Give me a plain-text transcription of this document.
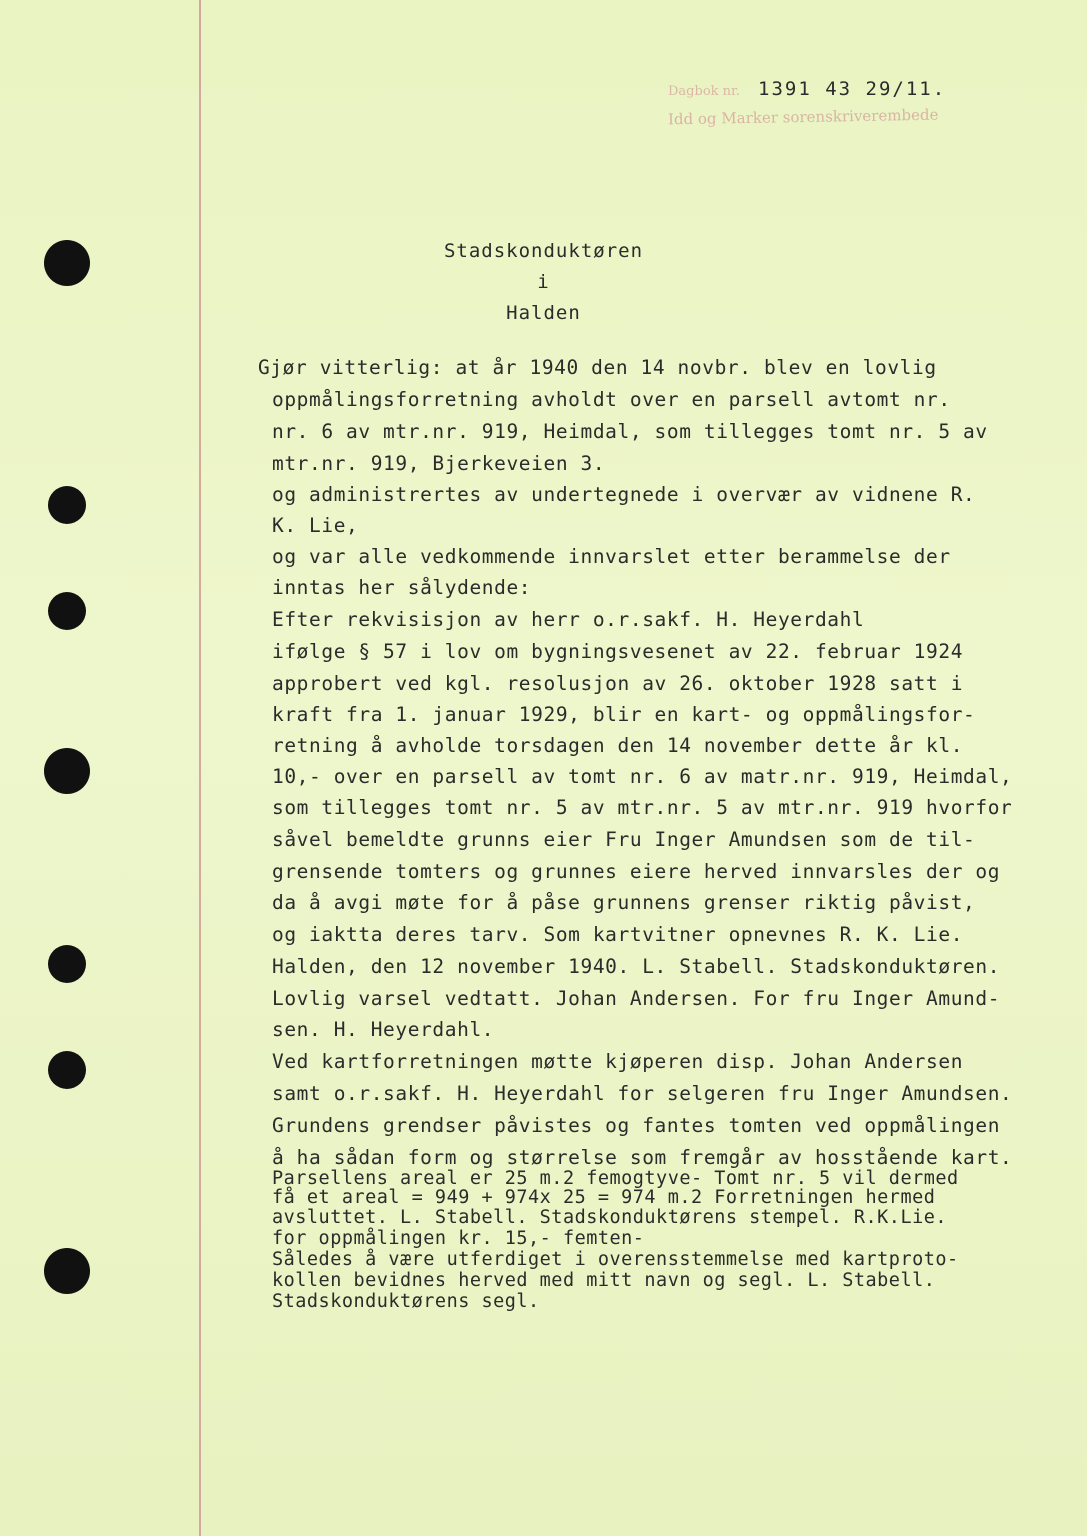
Dagbok nr. 1391 43 29/11.
Idd og Marker sorenskriverembede
Stadskonduktøren
i
Halden
Gjør vitterlig: at år 1940 den 14 novbr. blev en lovlig
oppmålingsforretning avholdt over en parsell avtomt nr.
nr. 6 av mtr.nr. 919, Heimdal, som tillegges tomt nr. 5 av
mtr.nr. 919, Bjerkeveien 3.
og administrertes av undertegnede i overvær av vidnene R.
K. Lie,
og var alle vedkommende innvarslet etter berammelse der
inntas her sålydende:
Efter rekvisisjon av herr o.r.sakf. H. Heyerdahl
ifølge § 57 i lov om bygningsvesenet av 22. februar 1924
approbert ved kgl. resolusjon av 26. oktober 1928 satt i
kraft fra 1. januar 1929, blir en kart- og oppmålingsfor-
retning å avholde torsdagen den 14 november dette år kl.
10,- over en parsell av tomt nr. 6 av matr.nr. 919, Heimdal,
som tillegges tomt nr. 5 av mtr.nr. 5 av mtr.nr. 919 hvorfor
såvel bemeldte grunns eier Fru Inger Amundsen som de til-
grensende tomters og grunnes eiere herved innvarsles der og
da å avgi møte for å påse grunnens grenser riktig påvist,
og iaktta deres tarv. Som kartvitner opnevnes R. K. Lie.
Halden, den 12 november 1940. L. Stabell. Stadskonduktøren.
Lovlig varsel vedtatt. Johan Andersen. For fru Inger Amund-
sen. H. Heyerdahl.
Ved kartforretningen møtte kjøperen disp. Johan Andersen
samt o.r.sakf. H. Heyerdahl for selgeren fru Inger Amundsen.
Grundens grendser påvistes og fantes tomten ved oppmålingen
å ha sådan form og størrelse som fremgår av hosstående kart.
Parsellens areal er 25 m.2 femogtyve- Tomt nr. 5 vil dermed
få et areal = 949 + 974x 25 = 974 m.2 Forretningen hermed
avsluttet. L. Stabell. Stadskonduktørens stempel. R.K.Lie.
for oppmålingen kr. 15,- femten-
Således å være utferdiget i overensstemmelse med kartproto-
kollen bevidnes herved med mitt navn og segl. L. Stabell.
Stadskonduktørens segl.
